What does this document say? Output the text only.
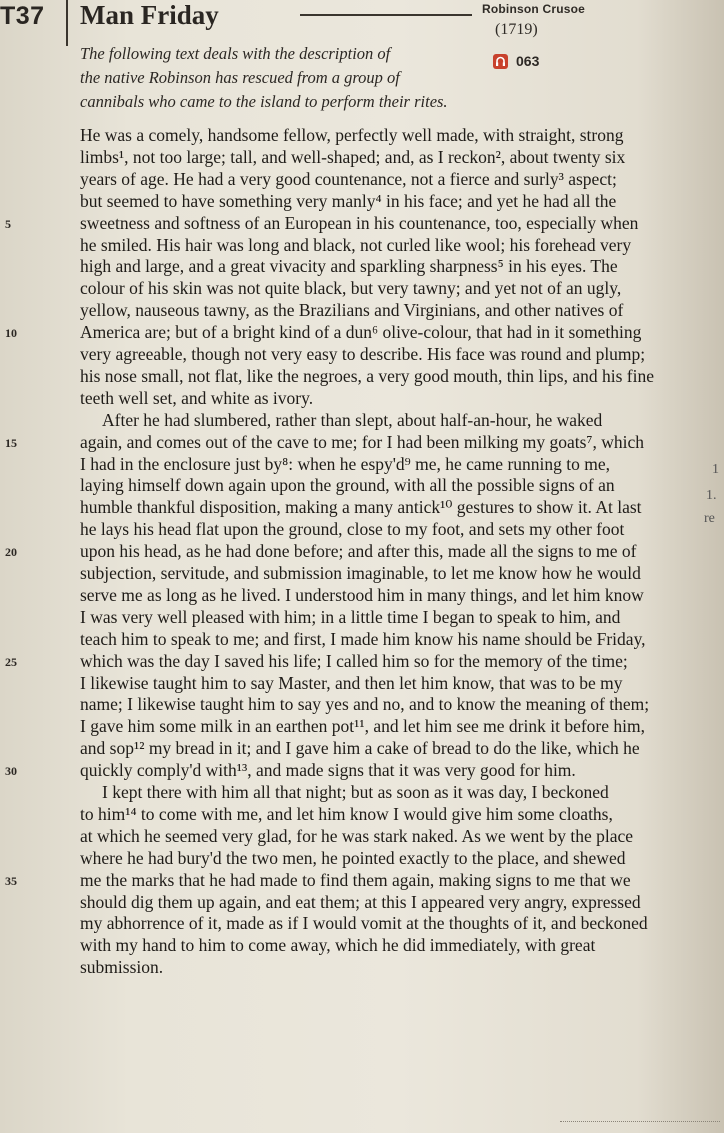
T37 Man Friday	Robinson Crusoe
(1719)
063
The following text deals with the description of
the native Robinson has rescued from a group of
cannibals who came to the island to perform their rites.
He was a comely, handsome fellow, perfectly well made, with straight, strong
limbs¹, not too large; tall, and well-shaped; and, as I reckon², about twenty six
years of age. He had a very good countenance, not a fierce and surly³ aspect;
but seemed to have something very manly⁴ in his face; and yet he had all the
sweetness and softness of an European in his countenance, too, especially when
he smiled. His hair was long and black, not curled like wool; his forehead very
high and large, and a great vivacity and sparkling sharpness⁵ in his eyes. The
colour of his skin was not quite black, but very tawny; and yet not of an ugly,
yellow, nauseous tawny, as the Brazilians and Virginians, and other natives of
America are; but of a bright kind of a dun⁶ olive-colour, that had in it something
very agreeable, though not very easy to describe. His face was round and plump;
his nose small, not flat, like the negroes, a very good mouth, thin lips, and his fine
teeth well set, and white as ivory.
After he had slumbered, rather than slept, about half-an-hour, he waked
again, and comes out of the cave to me; for I had been milking my goats⁷, which
I had in the enclosure just by⁸: when he espy'd⁹ me, he came running to me,
laying himself down again upon the ground, with all the possible signs of an
humble thankful disposition, making a many antick¹⁰ gestures to show it. At last
he lays his head flat upon the ground, close to my foot, and sets my other foot
upon his head, as he had done before; and after this, made all the signs to me of
subjection, servitude, and submission imaginable, to let me know how he would
serve me as long as he lived. I understood him in many things, and let him know
I was very well pleased with him; in a little time I began to speak to him, and
teach him to speak to me; and first, I made him know his name should be Friday,
which was the day I saved his life; I called him so for the memory of the time;
I likewise taught him to say Master, and then let him know, that was to be my
name; I likewise taught him to say yes and no, and to know the meaning of them;
I gave him some milk in an earthen pot¹¹, and let him see me drink it before him,
and sop¹² my bread in it; and I gave him a cake of bread to do the like, which he
quickly comply'd with¹³, and made signs that it was very good for him.
I kept there with him all that night; but as soon as it was day, I beckoned
to him¹⁴ to come with me, and let him know I would give him some cloaths,
at which he seemed very glad, for he was stark naked. As we went by the place
where he had bury'd the two men, he pointed exactly to the place, and shewed
me the marks that he had made to find them again, making signs to me that we
should dig them up again, and eat them; at this I appeared very angry, expressed
my abhorrence of it, made as if I would vomit at the thoughts of it, and beckoned
with my hand to him to come away, which he did immediately, with great
submission.
5
10
15
20
25
30
35
1
1.
re
